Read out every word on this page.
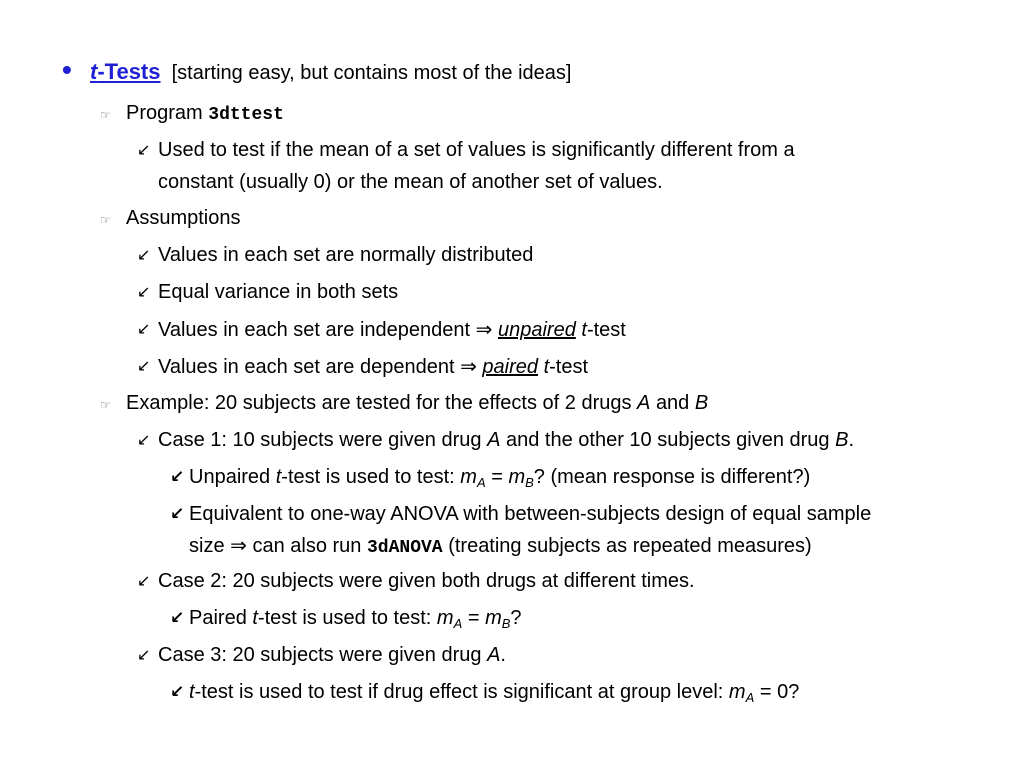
• t-Tests [starting easy, but contains most of the ideas]
☞ Program 3dttest
↙ Used to test if the mean of a set of values is significantly different from a
constant (usually 0) or the mean of another set of values.
☞ Assumptions
↙ Values in each set are normally distributed
↙ Equal variance in both sets
↙ Values in each set are independent ⇒ unpaired t-test
↙ Values in each set are dependent ⇒ paired t-test
☞ Example: 20 subjects are tested for the effects of 2 drugs A and B
↙ Case 1: 10 subjects were given drug A and the other 10 subjects given drug B.
↙ Unpaired t-test is used to test: $m_A = m_B$? (mean response is different?)
↙ Equivalent to one-way ANOVA with between-subjects design of equal sample
size ⇒ can also run 3dANOVA (treating subjects as repeated measures)
↙ Case 2: 20 subjects were given both drugs at different times.
↙ Paired t-test is used to test: $m_A = m_B$?
↙ Case 3: 20 subjects were given drug A.
↙ t-test is used to test if drug effect is significant at group level: $m_A = 0$?
